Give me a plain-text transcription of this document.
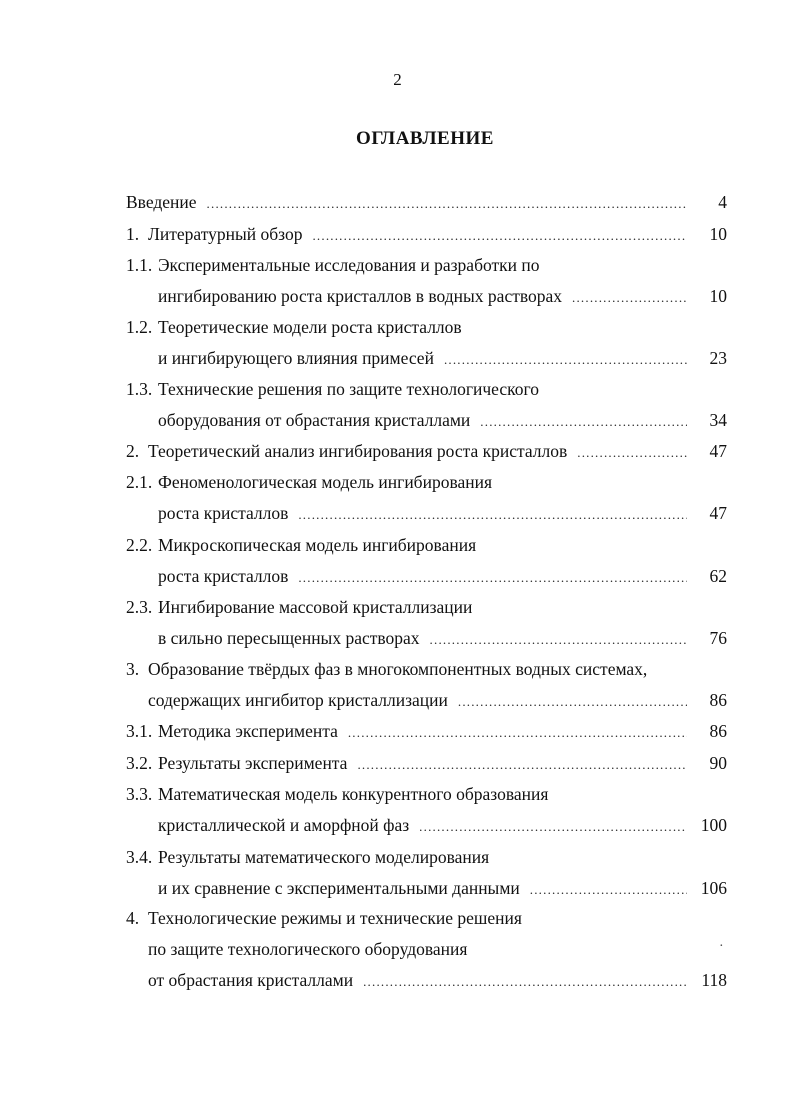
2
ОГЛАВЛЕНИЕ
Введение .....	4
1. Литературный обзор .....	10
1.1. Экспериментальные исследования и разработки по
ингибированию роста кристаллов в водных растворах .....	10
1.2. Теоретические модели роста кристаллов
и ингибирующего влияния примесей .....	23
1.3. Технические решения по защите технологического
оборудования от обрастания кристаллами .....	34
2. Теоретический анализ ингибирования роста кристаллов .....	47
2.1. Феноменологическая модель ингибирования
роста кристаллов .....	47
2.2. Микроскопическая модель ингибирования
роста кристаллов .....	62
2.3. Ингибирование массовой кристаллизации
в сильно пересыщенных растворах .....	76
3. Образование твёрдых фаз в многокомпонентных водных системах,
содержащих ингибитор кристаллизации .....	86
3.1. Методика эксперимента .....	86
3.2. Результаты эксперимента .....	90
3.3. Математическая модель конкурентного образования
кристаллической и аморфной фаз .....	100
3.4. Результаты математического моделирования
и их сравнение с экспериментальными данными .....	106
4. Технологические режимы и технические решения
по защите технологического оборудования
от обрастания кристаллами .....	118
·
